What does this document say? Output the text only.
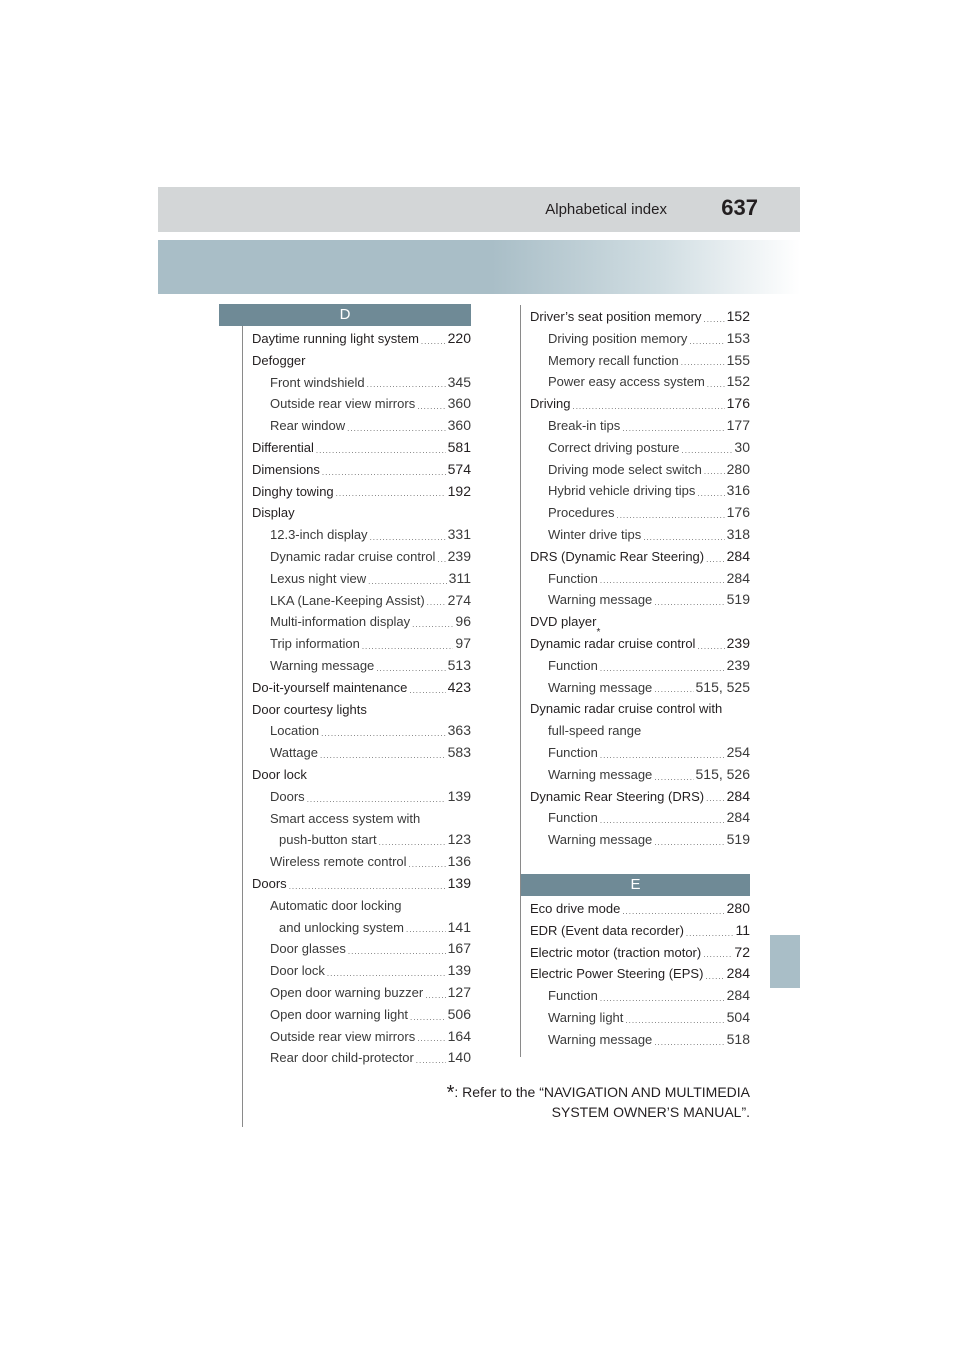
Alphabetical index 637
D
E
Daytime running light system ..... 220
Defogger
Front windshield .....	345
Outside rear view mirrors ..... 360
Rear window .....	360
Differential .....	581
Dimensions .....	574
Dinghy towing .....	192
Display
12.3-inch display .....	331
Dynamic radar cruise control ..... 239
Lexus night view .....	311
LKA (Lane-Keeping Assist) ..... 274
Multi-information display .....	96
Trip information .....	97
Warning message .....	513
Do-it-yourself maintenance .....	423
Door courtesy lights
Location .....	363
Wattage .....	583
Door lock
Doors .....	139
Smart access system with
push-button start .....	123
Wireless remote control .....	136
Doors .....	139
Automatic door locking
and unlocking system .....	141
Door glasses .....	167
Door lock .....	139
Open door warning buzzer ..... 127
Open door warning light .....	506
Outside rear view mirrors ..... 164
Rear door child-protector ..... 140
Driver’s seat position memory ..... 152
Driving position memory .....	153
Memory recall function .....	155
Power easy access system ..... 152
Driving .....	176
Break-in tips .....	177
Correct driving posture .....	30
Driving mode select switch ..... 280
Hybrid vehicle driving tips ..... 316
Procedures .....	176
Winter drive tips .....	318
DRS (Dynamic Rear Steering) ..... 284
Function .....	284
Warning message .....	519
DVD player
*
Dynamic radar cruise control ..... 239
Function .....	239
Warning message .....	515, 525
Dynamic radar cruise control with
full-speed range
Function .....	254
Warning message .....	515, 526
Dynamic Rear Steering (DRS) ..... 284
Function .....	284
Warning message .....	519
Eco drive mode .....	280
EDR (Event data recorder) .....	11
Electric motor (traction motor) ..... 72
Electric Power Steering (EPS) ..... 284
Function .....	284
Warning light .....	504
Warning message .....	518
*: Refer to the “NAVIGATION AND MULTIMEDIA
SYSTEM OWNER’S MANUAL”.
